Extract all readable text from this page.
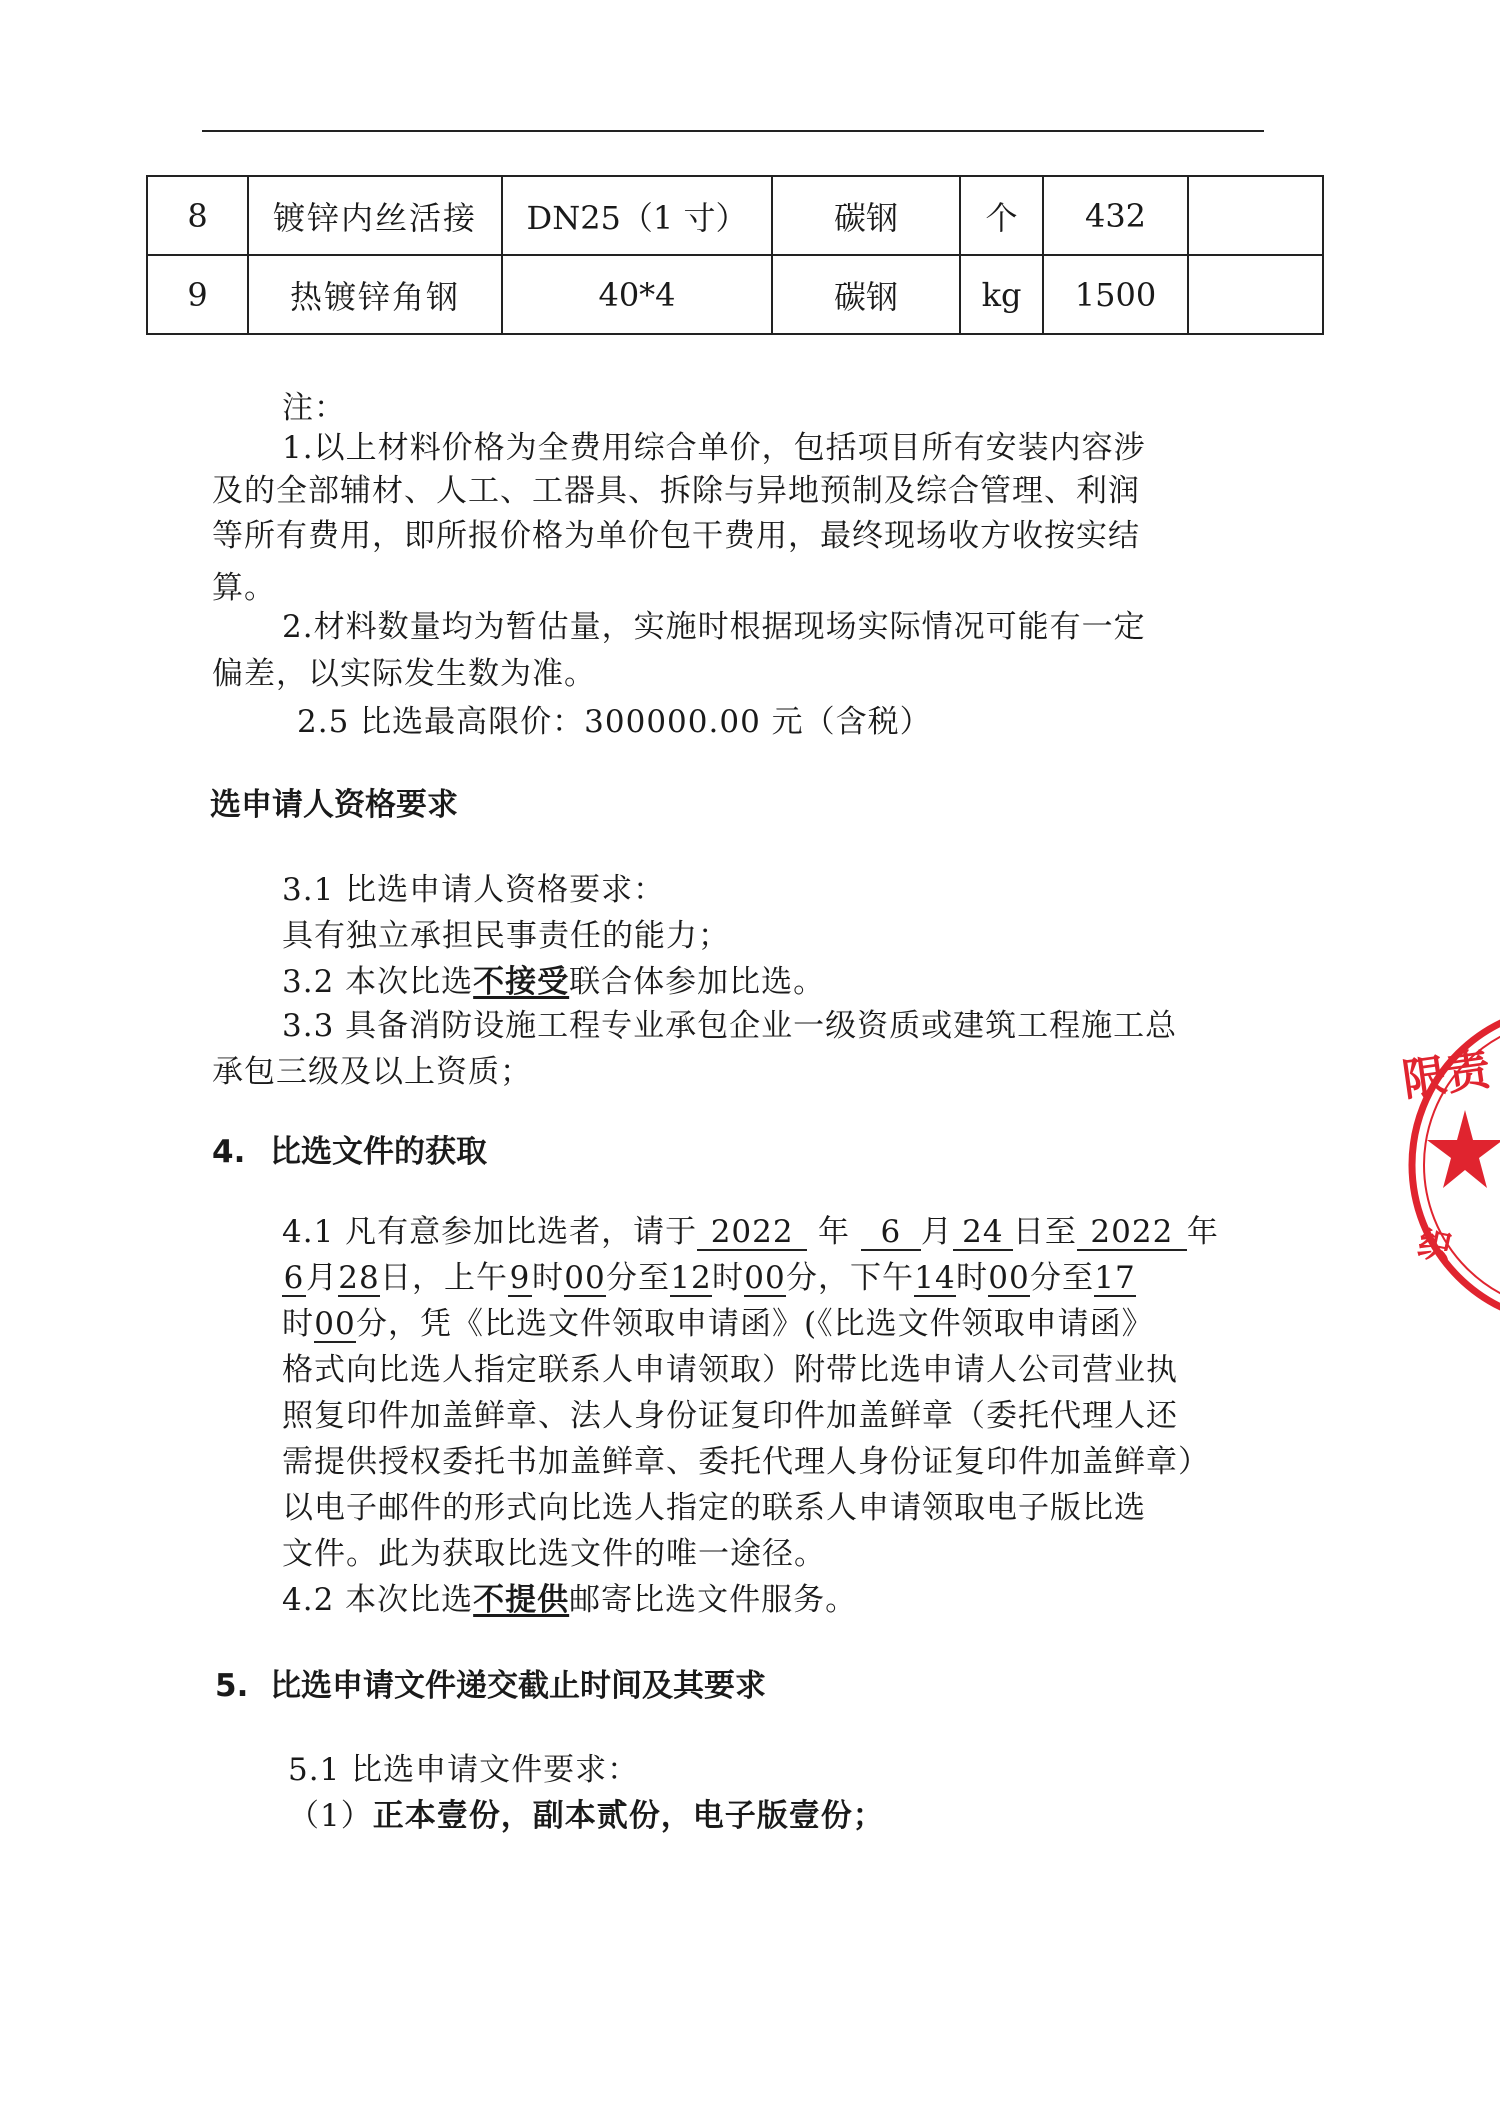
8	镀锌内丝活接	DN25（1 寸）	碳钢	个	432	
9	热镀锌角钢	40*4	碳钢	kg	1500	
注：
1.以上材料价格为全费用综合单价，包括项目所有安装内容涉
及的全部辅材、人工、工器具、拆除与异地预制及综合管理、利润
等所有费用，即所报价格为单价包干费用，最终现场收方收按实结
算。
2.材料数量均为暂估量，实施时根据现场实际情况可能有一定
偏差，以实际发生数为准。
2.5 比选最高限价：300000.00 元（含税）
选申请人资格要求
3.1 比选申请人资格要求：
具有独立承担民事责任的能力；
3.2 本次比选不接受联合体参加比选。
3.3 具备消防设施工程专业承包企业一级资质或建筑工程施工总
承包三级及以上资质；
4. 比选文件的获取
4.1 凡有意参加比选者，请于 2022 年 6 月 24 日至 2022 年
6月28日，上午9时00分至12时00分，下午14时00分至17
时00分，凭《比选文件领取申请函》(《比选文件领取申请函》
格式向比选人指定联系人申请领取）附带比选申请人公司营业执
照复印件加盖鲜章、法人身份证复印件加盖鲜章（委托代理人还
需提供授权委托书加盖鲜章、委托代理人身份证复印件加盖鲜章）
以电子邮件的形式向比选人指定的联系人申请领取电子版比选
文件。此为获取比选文件的唯一途径。
4.2 本次比选不提供邮寄比选文件服务。
5. 比选申请文件递交截止时间及其要求
5.1 比选申请文件要求：
（1）正本壹份，副本贰份，电子版壹份；
限责
织
